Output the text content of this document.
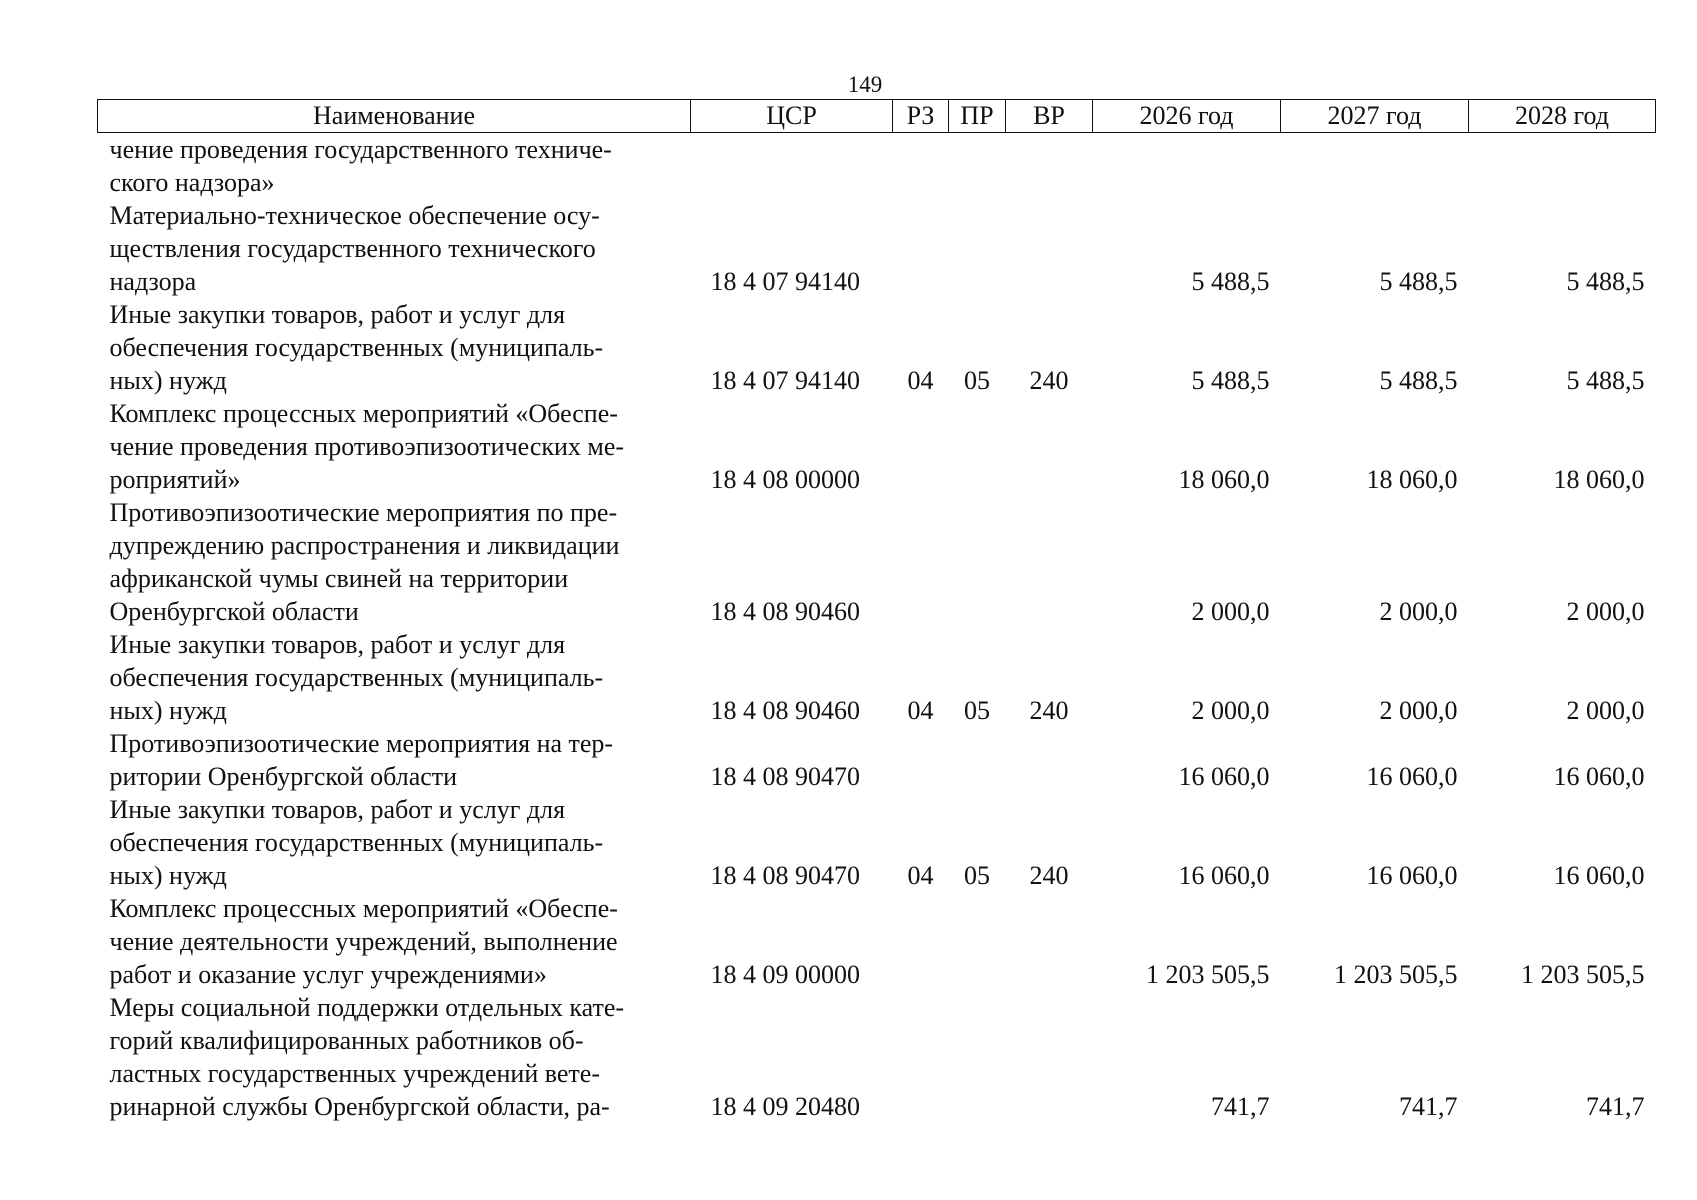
149
Наименование	ЦСР	РЗ	ПР	ВР	2026 год	2027 год	2028 год
чение проведения государственного техниче-
ского надзора»							
Материально-техническое обеспечение осу-
ществления государственного технического
надзора	18 4 07 94140				5 488,5	5 488,5	5 488,5
Иные закупки товаров, работ и услуг для
обеспечения государственных (муниципаль-
ных) нужд	18 4 07 94140	04	05	240	5 488,5	5 488,5	5 488,5
Комплекс процессных мероприятий «Обеспе-
чение проведения противоэпизоотических ме-
роприятий»	18 4 08 00000				18 060,0	18 060,0	18 060,0
Противоэпизоотические мероприятия по пре-
дупреждению распространения и ликвидации
африканской чумы свиней на территории
Оренбургской области	18 4 08 90460				2 000,0	2 000,0	2 000,0
Иные закупки товаров, работ и услуг для
обеспечения государственных (муниципаль-
ных) нужд	18 4 08 90460	04	05	240	2 000,0	2 000,0	2 000,0
Противоэпизоотические мероприятия на тер-
ритории Оренбургской области	18 4 08 90470				16 060,0	16 060,0	16 060,0
Иные закупки товаров, работ и услуг для
обеспечения государственных (муниципаль-
ных) нужд	18 4 08 90470	04	05	240	16 060,0	16 060,0	16 060,0
Комплекс процессных мероприятий «Обеспе-
чение деятельности учреждений, выполнение
работ и оказание услуг учреждениями»	18 4 09 00000				1 203 505,5	1 203 505,5	1 203 505,5
Меры социальной поддержки отдельных кате-
горий квалифицированных работников об-
ластных государственных учреждений вете-
ринарной службы Оренбургской области, ра-	18 4 09 20480				741,7	741,7	741,7
